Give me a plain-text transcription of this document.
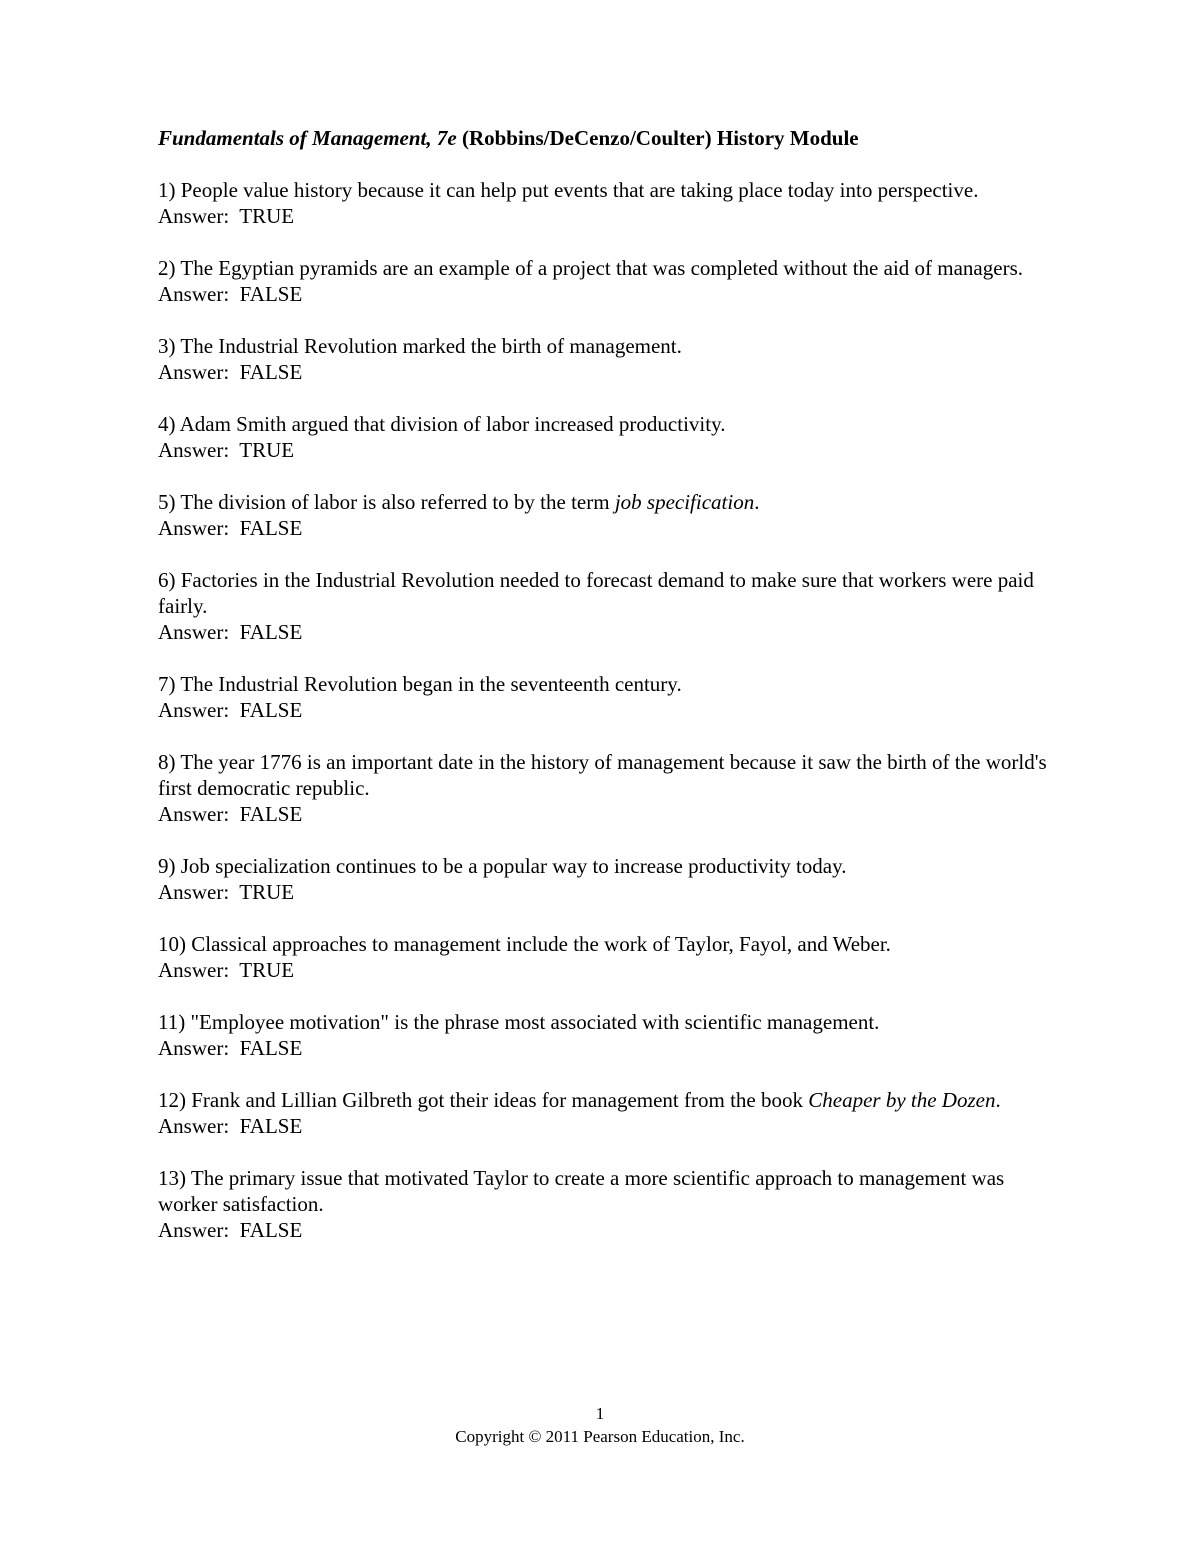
Fundamentals of Management, 7e (Robbins/DeCenzo/Coulter) History Module

1) People value history because it can help put events that are taking place today into perspective.

Answer:  TRUE

2) The Egyptian pyramids are an example of a project that was completed without the aid of managers.

Answer:  FALSE

3) The Industrial Revolution marked the birth of management.

Answer:  FALSE

4) Adam Smith argued that division of labor increased productivity.

Answer:  TRUE

5) The division of labor is also referred to by the term job specification.

Answer:  FALSE

6) Factories in the Industrial Revolution needed to forecast demand to make sure that workers were paid fairly.

Answer:  FALSE

7) The Industrial Revolution began in the seventeenth century.

Answer:  FALSE

8) The year 1776 is an important date in the history of management because it saw the birth of the world's first democratic republic.

Answer:  FALSE

9) Job specialization continues to be a popular way to increase productivity today.

Answer:  TRUE

10) Classical approaches to management include the work of Taylor, Fayol, and Weber.

Answer:  TRUE

11) "Employee motivation" is the phrase most associated with scientific management.

Answer:  FALSE

12) Frank and Lillian Gilbreth got their ideas for management from the book Cheaper by the Dozen.

Answer:  FALSE

13) The primary issue that motivated Taylor to create a more scientific approach to management was worker satisfaction.

Answer:  FALSE

1
Copyright © 2011 Pearson Education, Inc.
